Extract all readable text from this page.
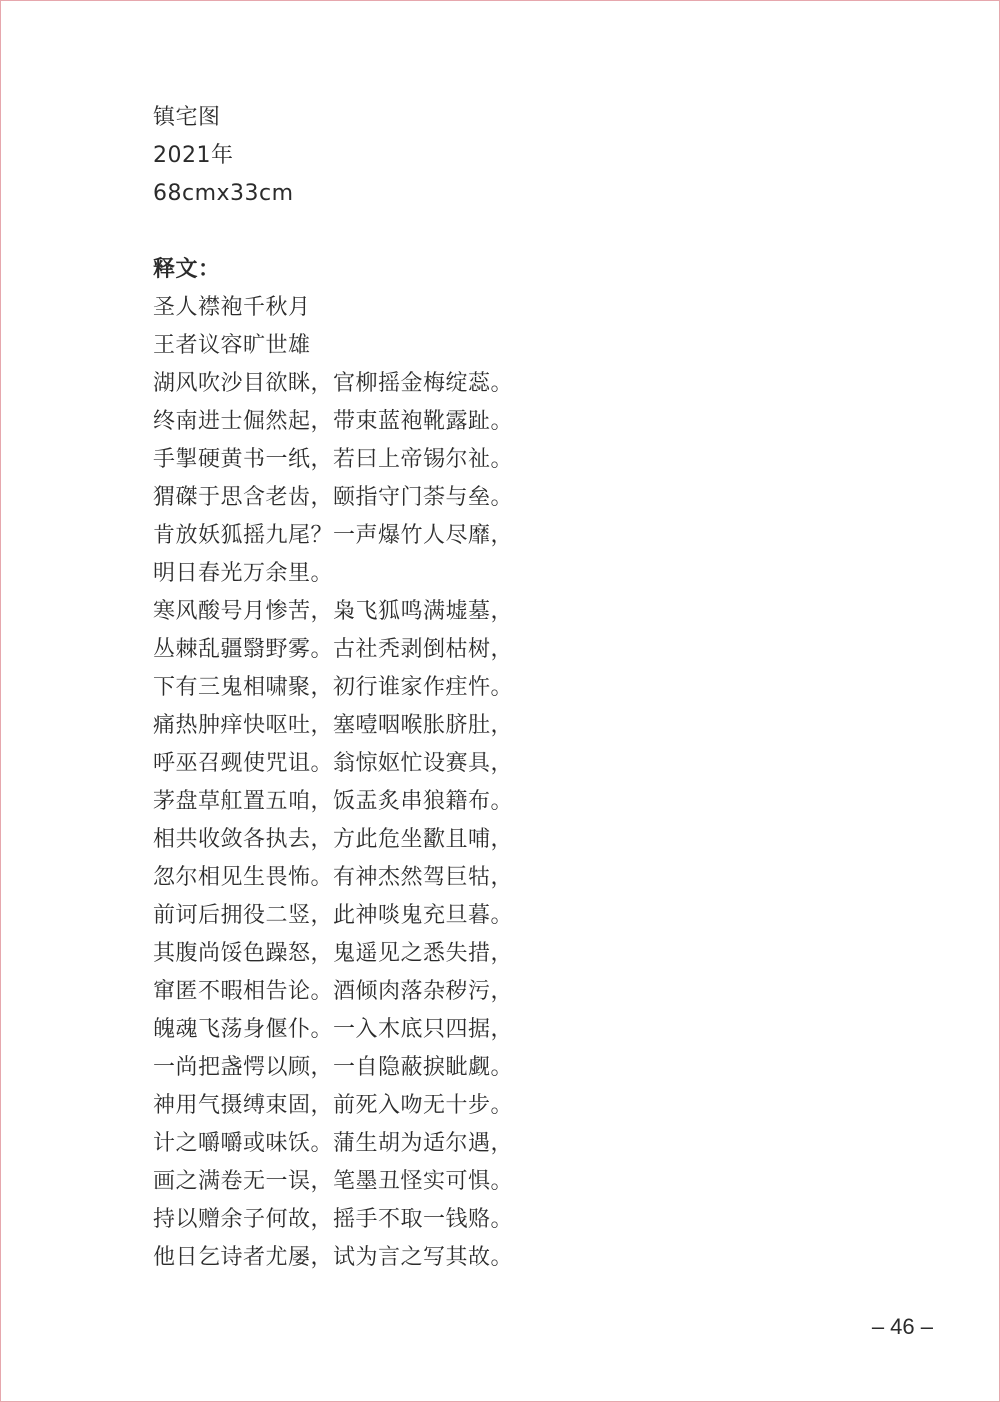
镇宅图
2021年
68cmx33cm
释文：
圣人襟袍千秋月
王者议容旷世雄
湖风吹沙目欲眯，官柳摇金梅绽蕊。
终南进士倔然起，带束蓝袍靴露趾。
手掣硬黄书一纸，若曰上帝锡尔祉。
猬磔于思含老齿，颐指守门荼与垒。
肯放妖狐摇九尾？一声爆竹人尽靡，
明日春光万余里。
寒风酸号月惨苦，枭飞狐鸣满墟墓，
丛棘乱疆翳野雾。古社秃剥倒枯树，
下有三鬼相啸聚，初行谁家作疰忤。
痛热肿痒快呕吐，塞噎咽喉胀脐肚，
呼巫召觋使咒诅。翁惊妪忙设赛具，
茅盘草舡置五咱，饭盂炙串狼籍布。
相共收敛各执去，方此危坐歠且哺，
忽尔相见生畏怖。有神杰然驾巨牯，
前诃后拥役二竖，此神啖鬼充旦暮。
其腹尚馁色躁怒，鬼遥见之悉失措，
窜匿不暇相告论。酒倾肉落杂秽污，
魄魂飞荡身偃仆。一入木底只四据，
一尚把盏愕以顾，一自隐蔽捩眦觑。
神用气摄缚束固，前死入吻无十步。
计之嚼嚼或味饫。蒲生胡为适尔遇，
画之满卷无一误，笔墨丑怪实可惧。
持以赠余子何故，摇手不取一钱赂。
他日乞诗者尤屡，试为言之写其故。
– 46 –
